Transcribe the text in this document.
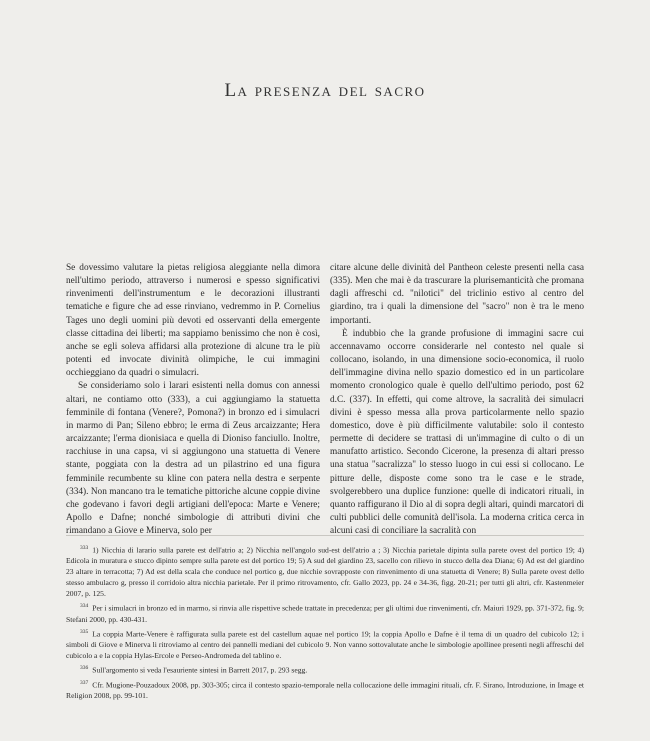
La presenza del sacro

Se dovessimo valutare la pietas religiosa aleggiante nella dimora nell'ultimo periodo, attraverso i numerosi e spesso significativi rinvenimenti dell'instrumentum e le decorazioni illustranti tematiche e figure che ad esse rinviano, vedremmo in P. Cornelius Tages uno degli uomini più devoti ed osservanti della emergente classe cittadina dei liberti; ma sappiamo benissimo che non è così, anche se egli soleva affidarsi alla protezione di alcune tra le più potenti ed invocate divinità olimpiche, le cui immagini occhieggiano da quadri o simulacri.

Se consideriamo solo i larari esistenti nella domus con annessi altari, ne contiamo otto (333), a cui aggiungiamo la statuetta femminile di fontana (Venere?, Pomona?) in bronzo ed i simulacri in marmo di Pan; Sileno ebbro; le erma di Zeus arcaizzante; Hera arcaizzante; l'erma dionisiaca e quella di Dioniso fanciullo. Inoltre, racchiuse in una capsa, vi si aggiungono una statuetta di Venere stante, poggiata con la destra ad un pilastrino ed una figura femminile recumbente su kline con patera nella destra e serpente (334). Non mancano tra le tematiche pittoriche alcune coppie divine che godevano i favori degli artigiani dell'epoca: Marte e Venere; Apollo e Dafne; nonché simbologie di attributi divini che rimandano a Giove e Minerva, solo per

citare alcune delle divinità del Pantheon celeste presenti nella casa (335). Men che mai è da trascurare la plurisemanticità che promana dagli affreschi cd. "nilotici" del triclinio estivo al centro del giardino, tra i quali la dimensione del "sacro" non è tra le meno importanti.

È indubbio che la grande profusione di immagini sacre cui accennavamo occorre considerarle nel contesto nel quale si collocano, isolando, in una dimensione socio-economica, il ruolo dell'immagine divina nello spazio domestico ed in un particolare momento cronologico quale è quello dell'ultimo periodo, post 62 d.C. (337). In effetti, qui come altrove, la sacralità dei simulacri divini è spesso messa alla prova particolarmente nello spazio domestico, dove è più difficilmente valutabile: solo il contesto permette di decidere se trattasi di un'immagine di culto o di un manufatto artistico. Secondo Cicerone, la presenza di altari presso una statua "sacralizza" lo stesso luogo in cui essi si collocano. Le pitture delle, disposte come sono tra le case e le strade, svolgerebbero una duplice funzione: quelle di indicatori rituali, in quanto raffigurano il Dio al di sopra degli altari, quindi marcatori di culti pubblici delle comunità dell'isola. La moderna critica cerca in alcuni casi di conciliare la sacralità con

$^{333}$ 1) Nicchia di larario sulla parete est dell'atrio a; 2) Nicchia nell'angolo sud-est dell'atrio a ; 3) Nicchia parietale dipinta sulla parete ovest del portico 19; 4) Edicola in muratura e stucco dipinto sempre sulla parete est del portico 19; 5) A sud del giardino 23, sacello con rilievo in stucco della dea Diana; 6) Ad est del giardino 23 altare in terracotta; 7) Ad est della scala che conduce nel portico g, due nicchie sovrapposte con rinvenimento di una statuetta di Venere; 8) Sulla parete ovest dello stesso ambulacro g, presso il corridoio altra nicchia parietale. Per il primo ritrovamento, cfr. Gallo 2023, pp. 24 e 34-36, figg. 20-21; per tutti gli altri, cfr. Kastenmeier 2007, p. 125.

$^{334}$ Per i simulacri in bronzo ed in marmo, si rinvia alle rispettive schede trattate in precedenza; per gli ultimi due rinvenimenti, cfr. Maiuri 1929, pp. 371-372, fig. 9; Stefani 2000, pp. 430-431.

$^{335}$ La coppia Marte-Venere è raffigurata sulla parete est del castellum aquae nel portico 19; la coppia Apollo e Dafne è il tema di un quadro del cubicolo 12; i simboli di Giove e Minerva li ritroviamo al centro dei pannelli mediani del cubicolo 9. Non vanno sottovalutate anche le simbologie apollinee presenti negli affreschi del cubicolo a e la coppia Hylas-Ercole e Perseo-Andromeda del tablino e.

$^{336}$ Sull'argomento si veda l'esauriente sintesi in Barrett 2017, p. 293 segg.

$^{337}$ Cfr. Mugione-Pouzadoux 2008, pp. 303-305; circa il contesto spazio-temporale nella collocazione delle immagini rituali, cfr. F. Sirano, Introduzione, in Image et Religion 2008, pp. 99-101.
